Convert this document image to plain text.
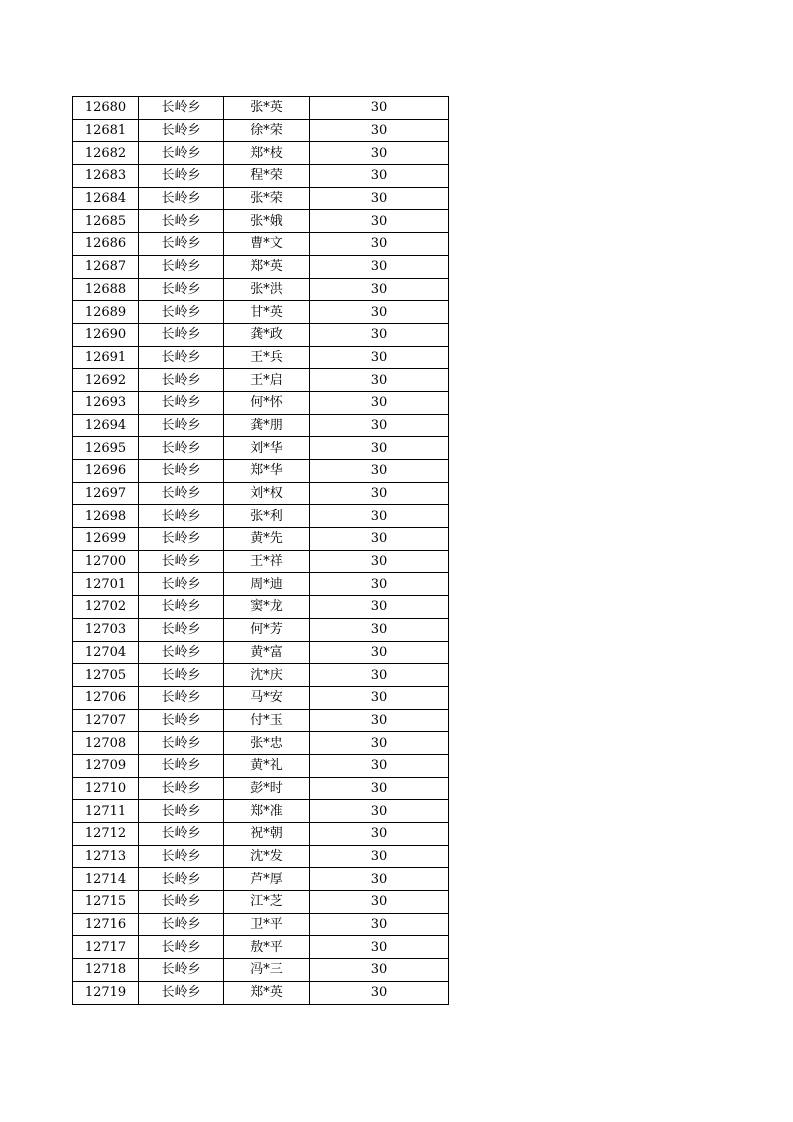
12680	长岭乡	张*英	30
12681	长岭乡	徐*荣	30
12682	长岭乡	郑*枝	30
12683	长岭乡	程*荣	30
12684	长岭乡	张*荣	30
12685	长岭乡	张*娥	30
12686	长岭乡	曹*文	30
12687	长岭乡	郑*英	30
12688	长岭乡	张*洪	30
12689	长岭乡	甘*英	30
12690	长岭乡	龚*政	30
12691	长岭乡	王*兵	30
12692	长岭乡	王*启	30
12693	长岭乡	何*怀	30
12694	长岭乡	龚*朋	30
12695	长岭乡	刘*华	30
12696	长岭乡	郑*华	30
12697	长岭乡	刘*权	30
12698	长岭乡	张*利	30
12699	长岭乡	黄*先	30
12700	长岭乡	王*祥	30
12701	长岭乡	周*迪	30
12702	长岭乡	窦*龙	30
12703	长岭乡	何*芳	30
12704	长岭乡	黄*富	30
12705	长岭乡	沈*庆	30
12706	长岭乡	马*安	30
12707	长岭乡	付*玉	30
12708	长岭乡	张*忠	30
12709	长岭乡	黄*礼	30
12710	长岭乡	彭*时	30
12711	长岭乡	郑*准	30
12712	长岭乡	祝*朝	30
12713	长岭乡	沈*发	30
12714	长岭乡	芦*厚	30
12715	长岭乡	江*芝	30
12716	长岭乡	卫*平	30
12717	长岭乡	敖*平	30
12718	长岭乡	冯*三	30
12719	长岭乡	郑*英	30
